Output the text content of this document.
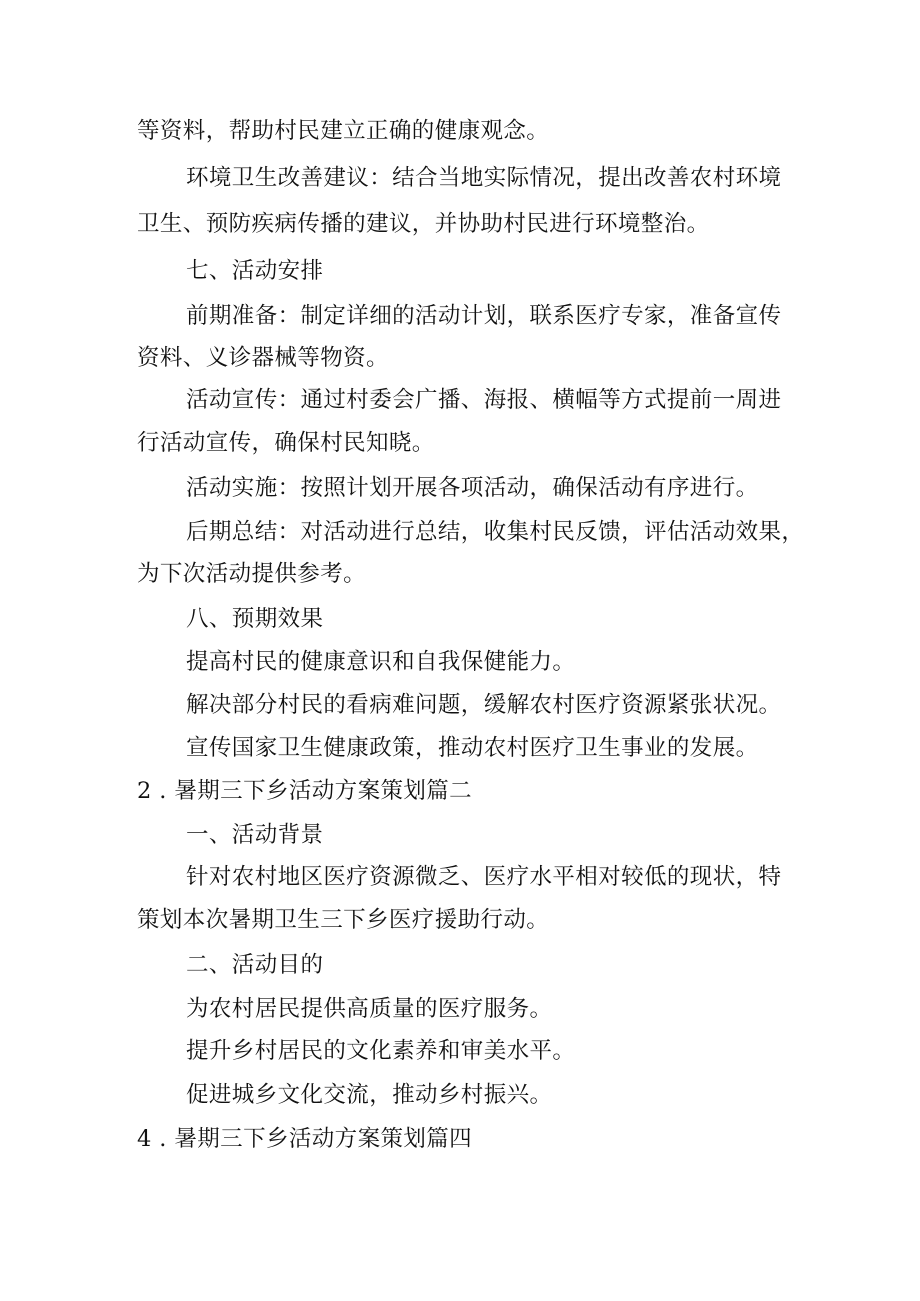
等资料，帮助村民建立正确的健康观念。
环境卫生改善建议：结合当地实际情况，提出改善农村环境
卫生、预防疾病传播的建议，并协助村民进行环境整治。
七、活动安排
前期准备：制定详细的活动计划，联系医疗专家，准备宣传
资料、义诊器械等物资。
活动宣传：通过村委会广播、海报、横幅等方式提前一周进
行活动宣传，确保村民知晓。
活动实施：按照计划开展各项活动，确保活动有序进行。
后期总结：对活动进行总结，收集村民反馈，评估活动效果，
为下次活动提供参考。
八、预期效果
提高村民的健康意识和自我保健能力。
解决部分村民的看病难问题，缓解农村医疗资源紧张状况。
宣传国家卫生健康政策，推动农村医疗卫生事业的发展。
2 . 暑期三下乡活动方案策划篇二
一、活动背景
针对农村地区医疗资源微乏、医疗水平相对较低的现状，特
策划本次暑期卫生三下乡医疗援助行动。
二、活动目的
为农村居民提供高质量的医疗服务。
提升乡村居民的文化素养和审美水平。
促进城乡文化交流，推动乡村振兴。
4 . 暑期三下乡活动方案策划篇四
